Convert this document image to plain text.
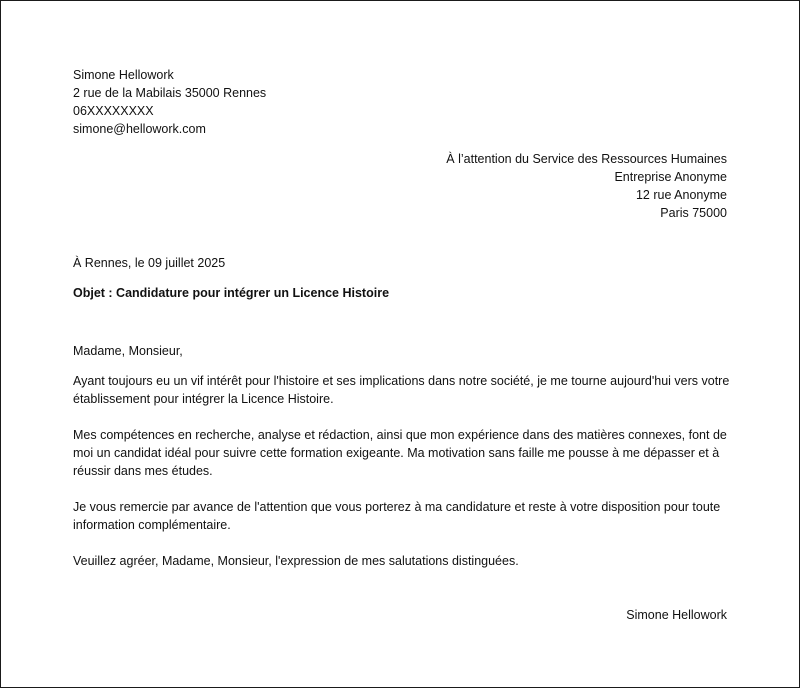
Simone Hellowork
2 rue de la Mabilais 35000 Rennes
06XXXXXXXX
simone@hellowork.com
À l’attention du Service des Ressources Humaines
Entreprise Anonyme
12 rue Anonyme
Paris 75000
À Rennes, le 09 juillet 2025
Objet : Candidature pour intégrer un Licence Histoire

Madame, Monsieur,

Ayant toujours eu un vif intérêt pour l'histoire et ses implications dans notre société, je me tourne aujourd'hui vers votre établissement pour intégrer la Licence Histoire.

Mes compétences en recherche, analyse et rédaction, ainsi que mon expérience dans des matières connexes, font de moi un candidat idéal pour suivre cette formation exigeante. Ma motivation sans faille me pousse à me dépasser et à réussir dans mes études.

Je vous remercie par avance de l'attention que vous porterez à ma candidature et reste à votre disposition pour toute information complémentaire.

Veuillez agréer, Madame, Monsieur, l'expression de mes salutations distinguées.

Simone Hellowork
